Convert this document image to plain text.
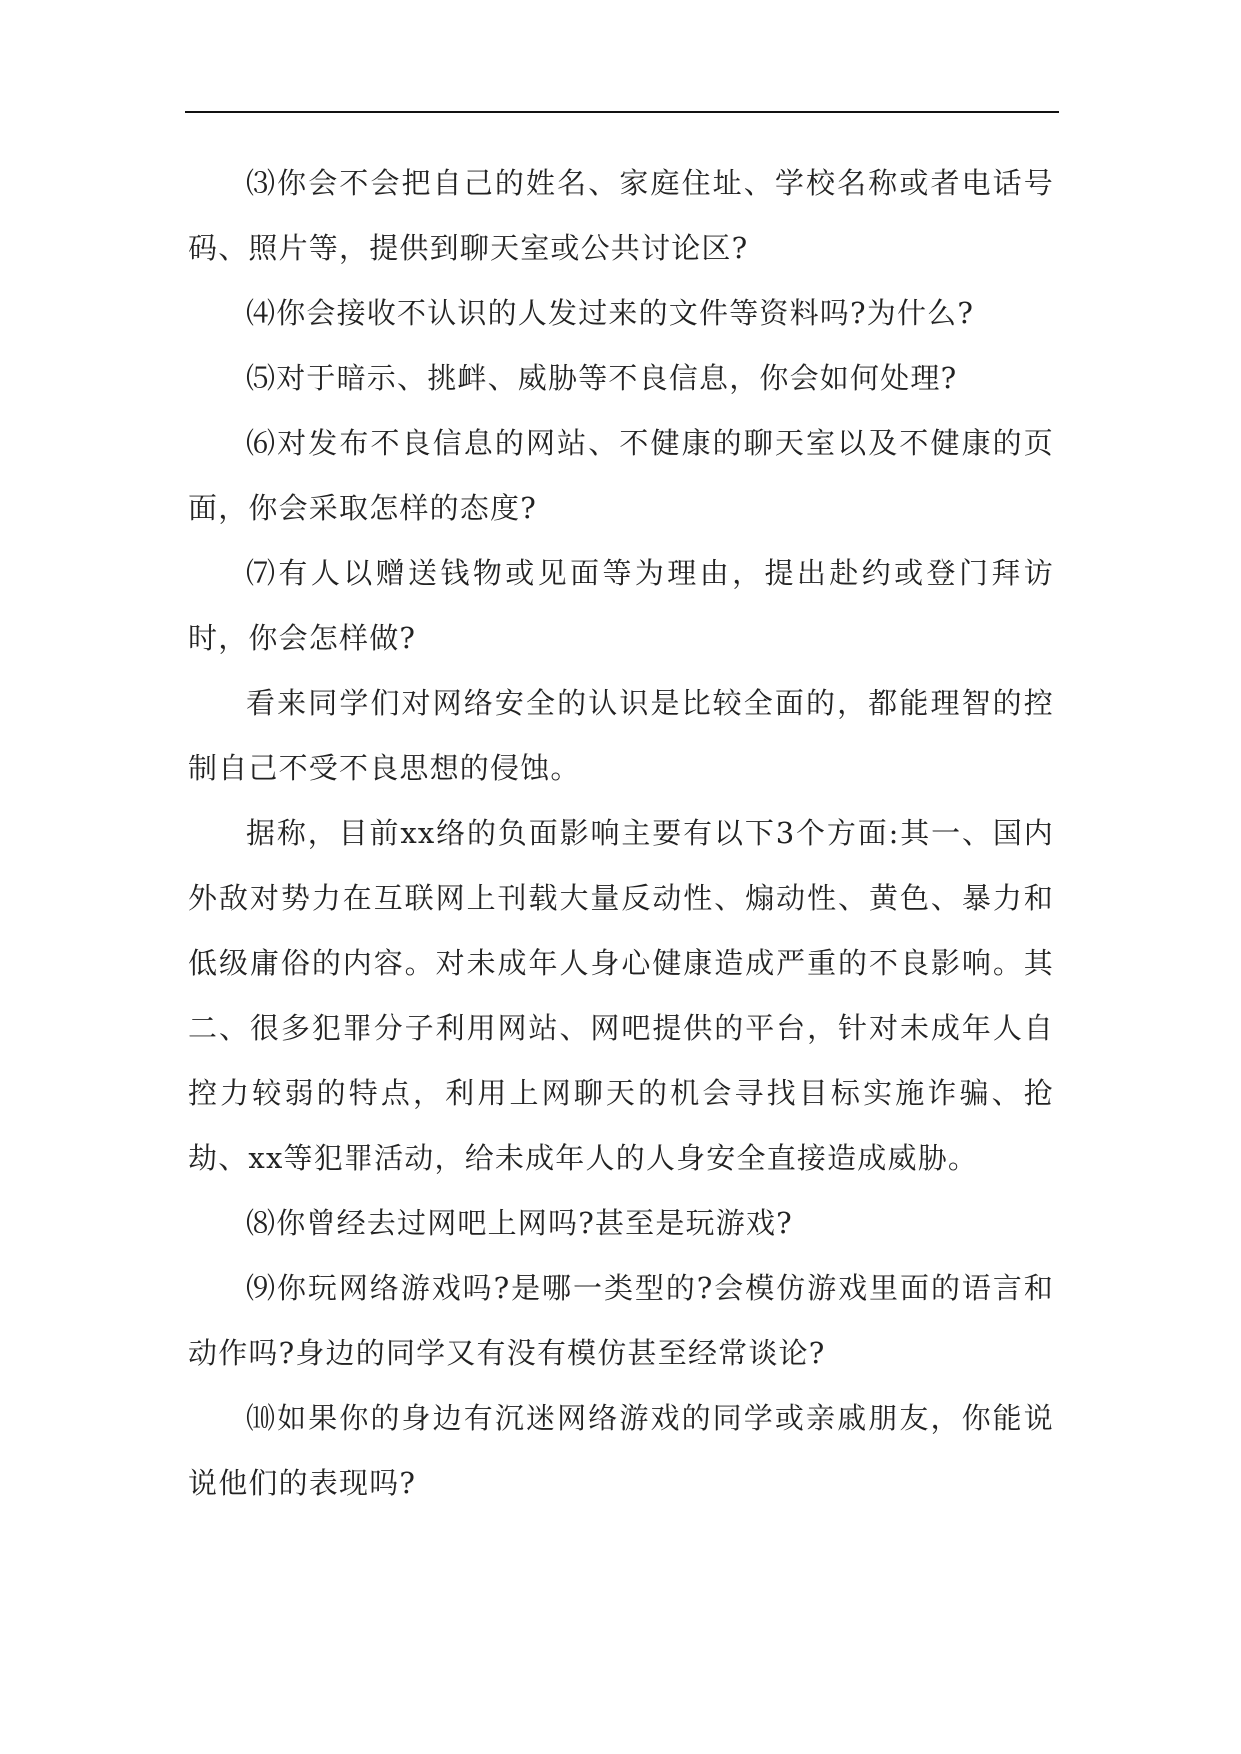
⑶你会不会把自己的姓名、家庭住址、学校名称或者电话号码、照片等，提供到聊天室或公共讨论区?

⑷你会接收不认识的人发过来的文件等资料吗?为什么?

⑸对于暗示、挑衅、威胁等不良信息，你会如何处理?

⑹对发布不良信息的网站、不健康的聊天室以及不健康的页面，你会采取怎样的态度?

⑺有人以赠送钱物或见面等为理由，提出赴约或登门拜访时，你会怎样做?

看来同学们对网络安全的认识是比较全面的，都能理智的控制自己不受不良思想的侵蚀。

据称，目前xx络的负面影响主要有以下3个方面:其一、国内外敌对势力在互联网上刊载大量反动性、煽动性、黄色、暴力和低级庸俗的内容。对未成年人身心健康造成严重的不良影响。其二、很多犯罪分子利用网站、网吧提供的平台，针对未成年人自控力较弱的特点，利用上网聊天的机会寻找目标实施诈骗、抢劫、xx等犯罪活动，给未成年人的人身安全直接造成威胁。

⑻你曾经去过网吧上网吗?甚至是玩游戏?

⑼你玩网络游戏吗?是哪一类型的?会模仿游戏里面的语言和动作吗?身边的同学又有没有模仿甚至经常谈论?

⑽如果你的身边有沉迷网络游戏的同学或亲戚朋友，你能说说他们的表现吗?
